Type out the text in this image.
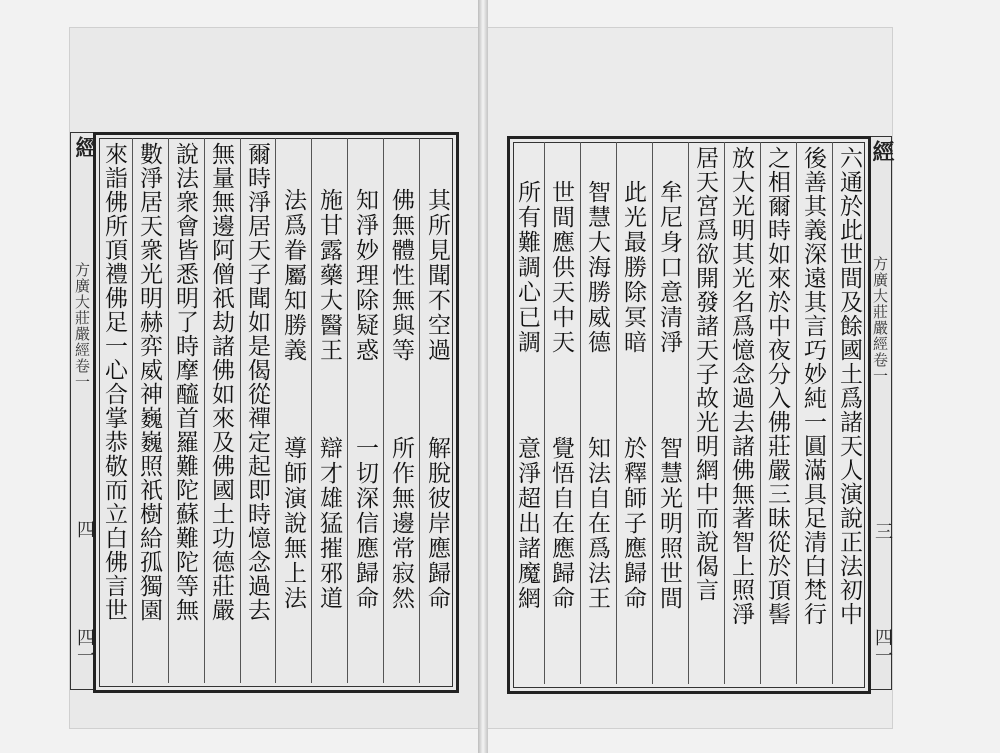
經
方廣大莊嚴經卷一
四
四一
經
方廣大莊嚴經卷一
三
四一
解脫彼岸應歸命
其所見聞不空過
所作無邊常寂然
佛無體性無與等
一切深信應歸命
知淨妙理除疑惑
辯才雄猛摧邪道
施甘露藥大醫王
導師演說無上法
法爲眷屬知勝義
爾時淨居天子聞如是偈從禪定起即時憶念過去
無量無邊阿僧祇劫諸佛如來及佛國土功德莊嚴
說法衆會皆悉明了時摩醯首羅難陀蘇難陀等無
數淨居天衆光明赫弈威神巍巍照祇樹給孤獨園
來詣佛所頂禮佛足一心合掌恭敬而立白佛言世	六通於此世間及餘國土爲諸天人演說正法初中
後善其義深遠其言巧妙純一圓滿具足清白梵行
之相爾時如來於中夜分入佛莊嚴三昧從於頂髻
放大光明其光名爲憶念過去諸佛無著智上照淨
居天宮爲欲開發諸天子故光明網中而說偈言
智慧光明照世間
牟尼身口意清淨
於釋師子應歸命
此光最勝除冥暗
知法自在爲法王
智慧大海勝威德
覺悟自在應歸命
世間應供天中天
意淨超出諸魔網
所有難調心已調
